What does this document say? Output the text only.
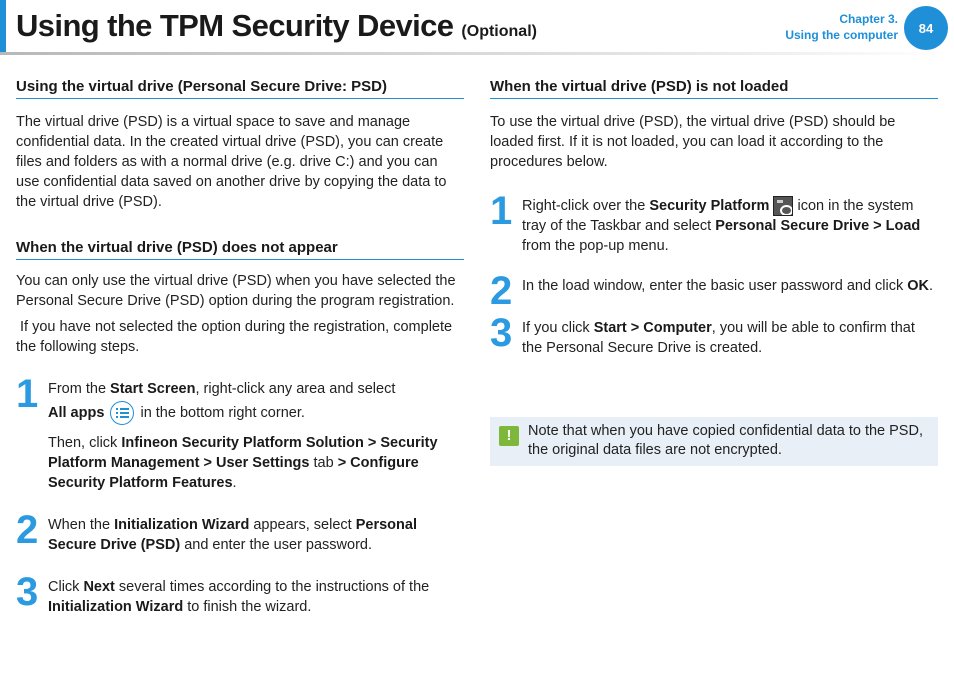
Using the TPM Security Device (Optional)
Chapter 3.
Using the computer	84
Using the virtual drive (Personal Secure Drive: PSD)

The virtual drive (PSD) is a virtual space to save and manage confidential data. In the created virtual drive (PSD), you can create files and folders as with a normal drive (e.g. drive C:) and you can use confidential data saved on another drive by copying the data to the virtual drive (PSD).

When the virtual drive (PSD) does not appear

You can only use the virtual drive (PSD) when you have selected the Personal Secure Drive (PSD) option during the program registration.

If you have not selected the option during the registration, complete the following steps.

1 From the Start Screen, right-click any area and select

All apps
in the bottom right corner.

Then, click Infineon Security Platform Solution > Security Platform Management > User Settings tab > Configure Security Platform Features.

2 When the Initialization Wizard appears, select Personal Secure Drive (PSD) and enter the user password.

3 Click Next several times according to the instructions of the Initialization Wizard to finish the wizard.

When the virtual drive (PSD) is not loaded

To use the virtual drive (PSD), the virtual drive (PSD) should be loaded first. If it is not loaded, you can load it according to the procedures below.

1 Right-click over the Security Platform  icon in the system tray of the Taskbar and select Personal Secure Drive > Load from the pop-up menu.

2 In the load window, enter the basic user password and click OK.

3 If you click Start > Computer, you will be able to confirm that the Personal Secure Drive is created.

!	Note that when you have copied confidential data to the PSD, the original data files are not encrypted.
